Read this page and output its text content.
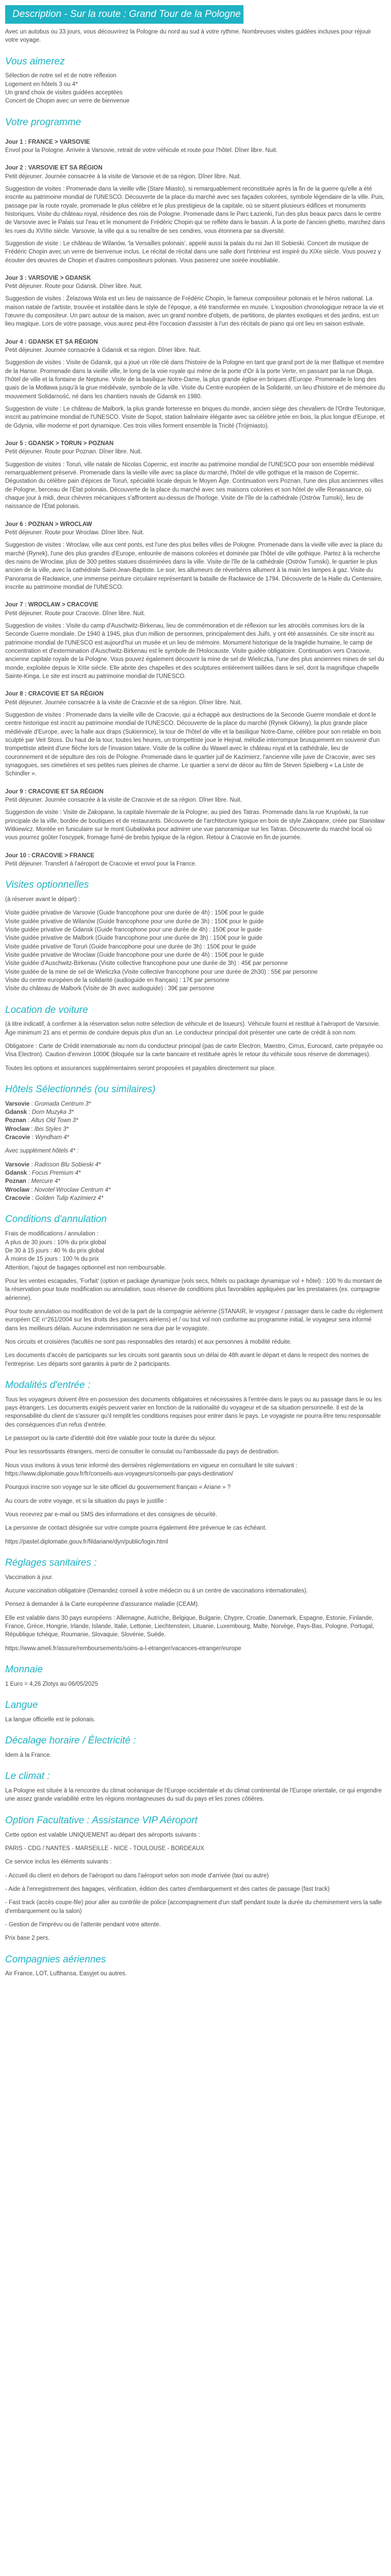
Description - Sur la route : Grand Tour de la Pologne - 10J/9N

Avec un autobus ou 33 jours, vous découvrirez la Pologne du nord au sud à votre rythme. Nombreuses visites guidées incluses pour réjouir votre voyage.

Vous aimerez
Sélection de notre sel et de notre réflexion
Logement en hôtels 3 ou 4*
Un grand choix de visites guidées acceptées
Concert de Chopin avec un verre de bienvenue
Votre programme

Jour 1 : FRANCE > VARSOVIE

Envol pour la Pologne. Arrivée à Varsovie, retrait de votre véhicule et route pour l'hôtel. Dîner libre. Nuit.

Jour 2 : VARSOVIE ET SA RÉGION

Petit déjeuner. Journée consacrée à la visite de Varsovie et de sa région. Dîner libre. Nuit.

Suggestion de visites : Promenade dans la vieille ville (Stare Miasto), si remarquablement reconstituée après la fin de la guerre qu'elle a été inscrite au patrimoine mondial de l'UNESCO. Découverte de la place du marché avec ses façades colorées, symbole légendaire de la ville. Puis, passage par la route royale, promenade le plus célèbre et le plus prestigieux de la capitale, où se situent plusieurs édifices et monuments historiques. Visite du château royal, résidence des rois de Pologne. Promenade dans le Parc Łazienki, l'un des plus beaux parcs dans le centre de Varsovie avec le Palais sur l'eau et le monument de Frédéric Chopin qui se reflète dans le bassin. À la porte de l'ancien ghetto, marchez dans les rues du XVIIIe siècle. Varsovie, la ville qui a su renaître de ses cendres, vous étonnera par sa diversité.

Suggestion de visite : Le château de Wilanów, 'la Versailles polonais', appelé aussi la palais du roi Jan III Sobieski. Concert de musique de Frédéric Chopin avec un verre de bienvenue inclus. Le récital de récital dans une salle dont l'intérieur est inspiré du XIXe siècle. Vous pouvez y écouter des œuvres de Chopin et d'autres compositeurs polonais. Vous passerez une soirée inoubliable.

Jour 3 : VARSOVIE > GDANSK

Petit déjeuner. Route pour Gdansk. Dîner libre. Nuit.

Suggestion de visites : Żelazowa Wola est un lieu de naissance de Frédéric Chopin, le fameux compositeur polonais et le héros national. La maison natale de l'artiste, trouvée et installée dans le style de l'époque, a été transformée en musée. L'exposition chronologique retrace la vie et l'œuvre du compositeur. Un parc autour de la maison, avec un grand nombre d'objets, de partitions, de plantes exotiques et des jardins, est un lieu magique. Lors de votre passage, vous aurez peut-être l'occasion d'assister à l'un des récitals de piano qui ont lieu en saison estivale.

Jour 4 : GDANSK ET SA RÉGION

Petit déjeuner. Journée consacrée à Gdansk et sa région. Dîner libre. Nuit.

Suggestion de visites : Visite de Gdansk, qui a joué un rôle clé dans l'histoire de la Pologne en tant que grand port de la mer Baltique et membre de la Hanse. Promenade dans la vieille ville, le long de la voie royale qui mène de la porte d'Or à la porte Verte, en passant par la rue Długa, l'hôtel de ville et la fontaine de Neptune. Visite de la basilique Notre-Dame, la plus grande église en briques d'Europe. Promenade le long des quais de la Motława jusqu'à la grue médiévale, symbole de la ville. Visite du Centre européen de la Solidarité, un lieu d'histoire et de mémoire du mouvement Solidarność, né dans les chantiers navals de Gdansk en 1980.

Suggestion de visite : Le château de Malbork, la plus grande forteresse en briques du monde, ancien siège des chevaliers de l'Ordre Teutonique, inscrit au patrimoine mondial de l'UNESCO. Visite de Sopot, station balnéaire élégante avec sa célèbre jetée en bois, la plus longue d'Europe, et de Gdynia, ville moderne et port dynamique. Ces trois villes forment ensemble la Tricité (Trójmiasto).

Jour 5 : GDANSK > TORUN > POZNAN

Petit déjeuner. Route pour Poznan. Dîner libre. Nuit.

Suggestion de visites : Toruń, ville natale de Nicolas Copernic, est inscrite au patrimoine mondial de l'UNESCO pour son ensemble médiéval remarquablement préservé. Promenade dans la vieille ville avec sa place du marché, l'hôtel de ville gothique et la maison de Copernic. Dégustation du célèbre pain d'épices de Toruń, spécialité locale depuis le Moyen Âge. Continuation vers Poznan, l'une des plus anciennes villes de Pologne, berceau de l'État polonais. Découverte de la place du marché avec ses maisons colorées et son hôtel de ville Renaissance, où chaque jour à midi, deux chèvres mécaniques s'affrontent au-dessus de l'horloge. Visite de l'île de la cathédrale (Ostrów Tumski), lieu de naissance de l'État polonais.

Jour 6 : POZNAN > WROCLAW

Petit déjeuner. Route pour Wroclaw. Dîner libre. Nuit.

Suggestion de visites : Wroclaw, ville aux cent ponts, est l'une des plus belles villes de Pologne. Promenade dans la vieille ville avec la place du marché (Rynek), l'une des plus grandes d'Europe, entourée de maisons colorées et dominée par l'hôtel de ville gothique. Partez à la recherche des nains de Wroclaw, plus de 300 petites statues disséminées dans la ville. Visite de l'île de la cathédrale (Ostrów Tumski), le quartier le plus ancien de la ville, avec la cathédrale Saint-Jean-Baptiste. Le soir, les allumeurs de réverbères allument à la main les lampes à gaz. Visite du Panorama de Racławice, une immense peinture circulaire représentant la bataille de Racławice de 1794. Découverte de la Halle du Centenaire, inscrite au patrimoine mondial de l'UNESCO.

Jour 7 : WROCLAW > CRACOVIE

Petit déjeuner. Route pour Cracovie. Dîner libre. Nuit.

Suggestion de visites : Visite du camp d'Auschwitz-Birkenau, lieu de commémoration et de réflexion sur les atrocités commises lors de la Seconde Guerre mondiale. De 1940 à 1945, plus d'un million de personnes, principalement des Juifs, y ont été assassinés. Ce site inscrit au patrimoine mondial de l'UNESCO est aujourd'hui un musée et un lieu de mémoire. Monument historique de la tragédie humaine, le camp de concentration et d'extermination d'Auschwitz-Birkenau est le symbole de l'Holocauste. Visite guidée obligatoire. Continuation vers Cracovie, ancienne capitale royale de la Pologne. Vous pouvez également découvrir la mine de sel de Wieliczka, l'une des plus anciennes mines de sel du monde, exploitée depuis le XIIIe siècle. Elle abrite des chapelles et des sculptures entièrement taillées dans le sel, dont la magnifique chapelle Sainte-Kinga. Le site est inscrit au patrimoine mondial de l'UNESCO.

Jour 8 : CRACOVIE ET SA RÉGION

Petit déjeuner. Journée consacrée à la visite de Cracovie et de sa région. Dîner libre. Nuit.

Suggestion de visites : Promenade dans la vieille ville de Cracovie, qui a échappé aux destructions de la Seconde Guerre mondiale et dont le centre historique est inscrit au patrimoine mondial de l'UNESCO. Découverte de la place du marché (Rynek Główny), la plus grande place médiévale d'Europe, avec la halle aux draps (Sukiennice), la tour de l'hôtel de ville et la basilique Notre-Dame, célèbre pour son retable en bois sculpté par Veit Stoss. Du haut de la tour, toutes les heures, un trompettiste joue le Hejnał, mélodie interrompue brusquement en souvenir d'un trompettiste atteint d'une flèche lors de l'invasion tatare. Visite de la colline du Wawel avec le château royal et la cathédrale, lieu de couronnement et de sépulture des rois de Pologne. Promenade dans le quartier juif de Kazimierz, l'ancienne ville juive de Cracovie, avec ses synagogues, ses cimetières et ses petites rues pleines de charme. Le quartier a servi de décor au film de Steven Spielberg « La Liste de Schindler ».

Jour 9 : CRACOVIE ET SA RÉGION

Petit déjeuner. Journée consacrée à la visite de Cracovie et de sa région. Dîner libre. Nuit.

Suggestion de visite : Visite de Zakopane, la capitale hivernale de la Pologne, au pied des Tatras. Promenade dans la rue Krupówki, la rue principale de la ville, bordée de boutiques et de restaurants. Découverte de l'architecture typique en bois de style Zakopane, créée par Stanisław Witkiewicz. Montée en funiculaire sur le mont Gubałówka pour admirer une vue panoramique sur les Tatras. Découverte du marché local où vous pourrez goûter l'oscypek, fromage fumé de brebis typique de la région. Retour à Cracovie en fin de journée.

Jour 10 : CRACOVIE > FRANCE

Petit déjeuner. Transfert à l'aéroport de Cracovie et envol pour la France.

Visites optionnelles

(à réserver avant le départ) :

Visite guidée privative de Varsovie (Guide francophone pour une durée de 4h) : 150€ pour le guide
Visite guidée privative de Wilanów (Guide francophone pour une durée de 3h) : 150€ pour le guide
Visite guidée privative de Gdansk (Guide francophone pour une durée de 4h) : 150€ pour le guide
Visite guidée privative de Malbork (Guide francophone pour une durée de 3h) : 150€ pour le guide
Visite guidée privative de Toruń (Guide francophone pour une durée de 3h) : 150€ pour le guide
Visite guidée privative de Wroclaw (Guide francophone pour une durée de 4h) : 150€ pour le guide
Visite guidée d'Auschwitz-Birkenau (Visite collective francophone pour une durée de 3h) : 45€ par personne
Visite guidée de la mine de sel de Wieliczka (Visite collective francophone pour une durée de 2h30) : 55€ par personne
Visite du centre européen de la solidarité (audioguide en français) : 17€ par personne
Visite du château de Malbork (Visite de 3h avec audioguide) : 39€ par personne
Location de voiture

(à titre indicatif, à confirmer à la réservation selon notre sélection de véhicule et de loueurs). Véhicule fourni et restitué à l'aéroport de Varsovie. Âge minimum 21 ans et permis de conduire depuis plus d'un an. Le conducteur principal doit présenter une carte de crédit à son nom.

Obligatoire : Carte de Crédit internationale au nom du conducteur principal (pas de carte Electron, Maestro, Cirrus, Eurocard, carte prépayée ou Visa Electron). Caution d'environ 1000€ (bloquée sur la carte bancaire et restituée après le retour du véhicule sous réserve de dommages).

Toutes les options et assurances supplémentaires seront proposées et payables directement sur place.

Hôtels Sélectionnés (ou similaires)
Varsovie : Gromada Centrum 3*
Gdansk : Dom Muzyka 3*
Poznan : Altus Old Town 3*
Wroclaw : Ibis Styles 3*
Cracovie : Wyndham 4*

Avec supplément hôtels 4* :

Varsovie : Radisson Blu Sobieski 4*
Gdansk : Focus Premium 4*
Poznan : Mercure 4*
Wroclaw : Novotel Wroclaw Centrum 4*
Cracovie : Golden Tulip Kazimierz 4*
Conditions d'annulation
Frais de modifications / annulation :
A plus de 30 jours : 10% du prix global
De 30 à 15 jours : 40 % du prix global
À moins de 15 jours : 100 % du prix
Attention, l'ajout de bagages optionnel est non remboursable.

Pour les ventes escapades, 'Forfait' (option et package dynamique (vols secs, hôtels ou package dynamique vol + hôtel) : 100 % du montant de la réservation pour toute modification ou annulation, sous réserve de conditions plus favorables appliquées par les prestataires (ex. compagnie aérienne).

Pour toute annulation ou modification de vol de la part de la compagnie aérienne (STANAIR, le voyageur / passager dans le cadre du règlement européen CE n°261/2004 sur les droits des passagers aériens) et / ou tout vol non conforme au programme initial, le voyageur sera informé dans les meilleurs délais. Aucune indemnisation ne sera due par le voyagiste.

Nos circuits et croisières (facultés ne sont pas responsables des retards) et aux personnes à mobilité réduite.

Les documents d'accès de participants sur les circuits sont garantis sous un délai de 48h avant le départ et dans le respect des normes de l'entreprise. Les départs sont garantis à partir de 2 participants.

Modalités d'entrée :

Tous les voyageurs doivent être en possession des documents obligatoires et nécessaires à l'entrée dans le pays ou au passage dans le ou les pays étrangers. Les documents exigés peuvent varier en fonction de la nationalité du voyageur et de sa situation personnelle. Il est de la responsabilité du client de s'assurer qu'il remplit les conditions requises pour entrer dans le pays. Le voyagiste ne pourra être tenu responsable des conséquences d'un refus d'entrée.

Le passeport ou la carte d'identité doit être valable pour toute la durée du séjour.

Pour les ressortissants étrangers, merci de consulter le consulat ou l'ambassade du pays de destination.

Nous vous invitons à vous tenir informé des dernières réglementations en vigueur en consultant le site suivant : https://www.diplomatie.gouv.fr/fr/conseils-aux-voyageurs/conseils-par-pays-destination/

Pourquoi inscrire son voyage sur le site officiel du gouvernement français « Ariane » ?

Au cours de votre voyage, et si la situation du pays le justifie :

Vous recevrez par e-mail ou SMS des informations et des consignes de sécurité.

La personne de contact désignée sur votre compte pourra également être prévenue le cas échéant.

https://pastel.diplomatie.gouv.fr/fildariane/dyn/public/login.html

Réglages sanitaires :

Vaccination à jour.

Aucune vaccination obligatoire (Demandez conseil à votre médecin ou à un centre de vaccinations internationales).

Pensez à demander à la Carte européenne d'assurance maladie (CEAM).

Elle est valable dans 30 pays européens : Allemagne, Autriche, Belgique, Bulgarie, Chypre, Croatie, Danemark, Espagne, Estonie, Finlande, France, Grèce, Hongrie, Irlande, Islande, Italie, Lettonie, Liechtenstein, Lituanie, Luxembourg, Malte, Norvège, Pays-Bas, Pologne, Portugal, République tchèque, Roumanie, Slovaquie, Slovénie, Suède.

https://www.ameli.fr/assure/remboursements/soins-a-l-etranger/vacances-etranger/europe

Monnaie

1 Euro = 4,26 Zlotys au 06/05/2025

Langue

La langue officielle est le polonais.

Décalage horaire / Électricité :

Idem à la France.

Le climat :

La Pologne est située à la rencontre du climat océanique de l'Europe occidentale et du climat continental de l'Europe orientale, ce qui engendre une assez grande variabilité entre les régions montagneuses du sud du pays et les zones côtières.

Option Facultative : Assistance VIP Aéroport

Cette option est valable UNIQUEMENT au départ des aéroports suivants :

PARIS - CDG / NANTES - MARSEILLE - NICE - TOULOUSE - BORDEAUX

Ce service inclus les éléments suivants :

- Accueil du client en dehors de l'aéroport ou dans l'aéroport selon son mode d'arrivée (taxi ou autre)

- Aide à l'enregistrement des bagages, vérification, édition des cartes d'embarquement et des cartes de passage (fast track)

- Fast track (accès coupe-file) pour aller au contrôle de police (accompagnement d'un staff pendant toute la durée du cheminement vers la salle d'embarquement ou la salon)

- Gestion de l'imprévu ou de l'attente pendant votre attente.

Prix base 2 pers.

Compagnies aériennes

Air France, LOT, Lufthansa, Easyjet ou autres.
